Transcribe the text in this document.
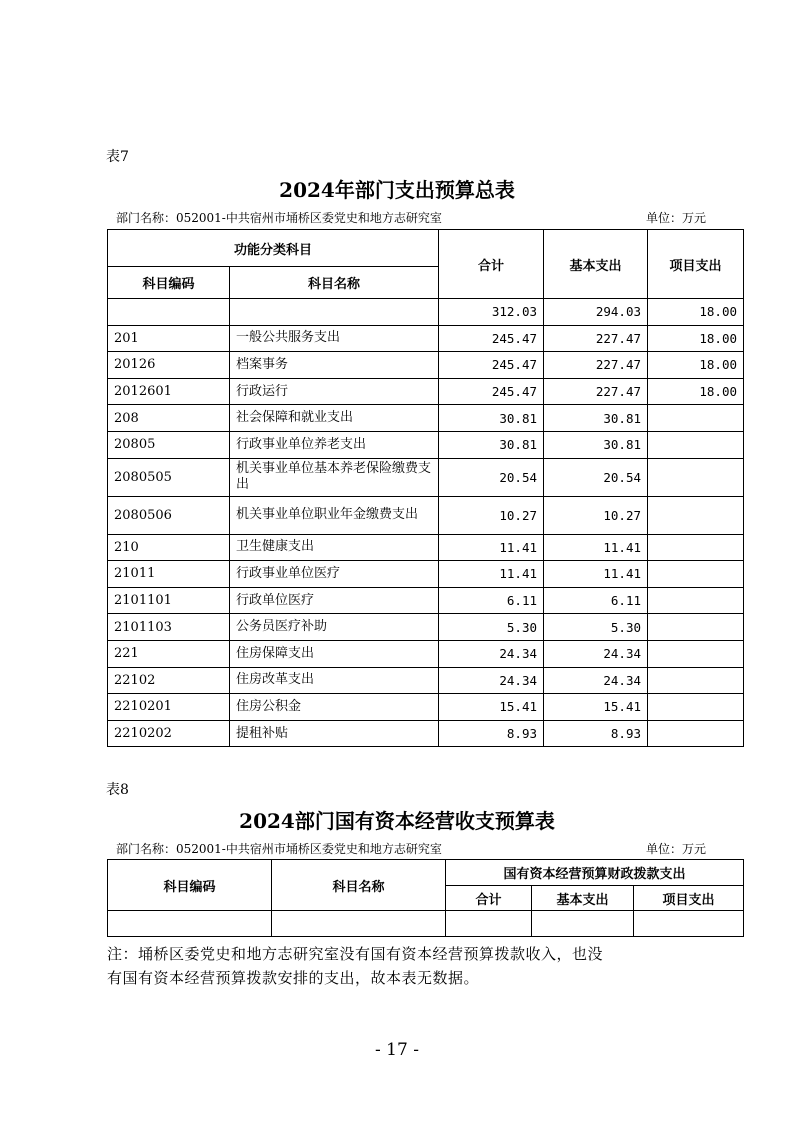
表7
2024年部门支出预算总表
部门名称：052001-中共宿州市埇桥区委党史和地方志研究室	单位：万元
功能分类科目		合计	基本支出	项目支出
科目编码	科目名称			
		312.03	294.03	18.00
201	一般公共服务支出	245.47	227.47	18.00
20126	档案事务	245.47	227.47	18.00
2012601	行政运行	245.47	227.47	18.00
208	社会保障和就业支出	30.81	30.81	
20805	行政事业单位养老支出	30.81	30.81	
2080505	机关事业单位基本养老保险缴费支出	20.54	20.54	
2080506	机关事业单位职业年金缴费支出	10.27	10.27	
210	卫生健康支出	11.41	11.41	
21011	行政事业单位医疗	11.41	11.41	
2101101	行政单位医疗	6.11	6.11	
2101103	公务员医疗补助	5.30	5.30	
221	住房保障支出	24.34	24.34	
22102	住房改革支出	24.34	24.34	
2210201	住房公积金	15.41	15.41	
2210202	提租补贴	8.93	8.93	
表8
2024部门国有资本经营收支预算表
部门名称：052001-中共宿州市埇桥区委党史和地方志研究室	单位：万元
科目编码	科目名称	国有资本经营预算财政拨款支出		
		合计	基本支出	项目支出

注：埇桥区委党史和地方志研究室没有国有资本经营预算拨款收入，也没
有国有资本经营预算拨款安排的支出，故本表无数据。
- 17 -
